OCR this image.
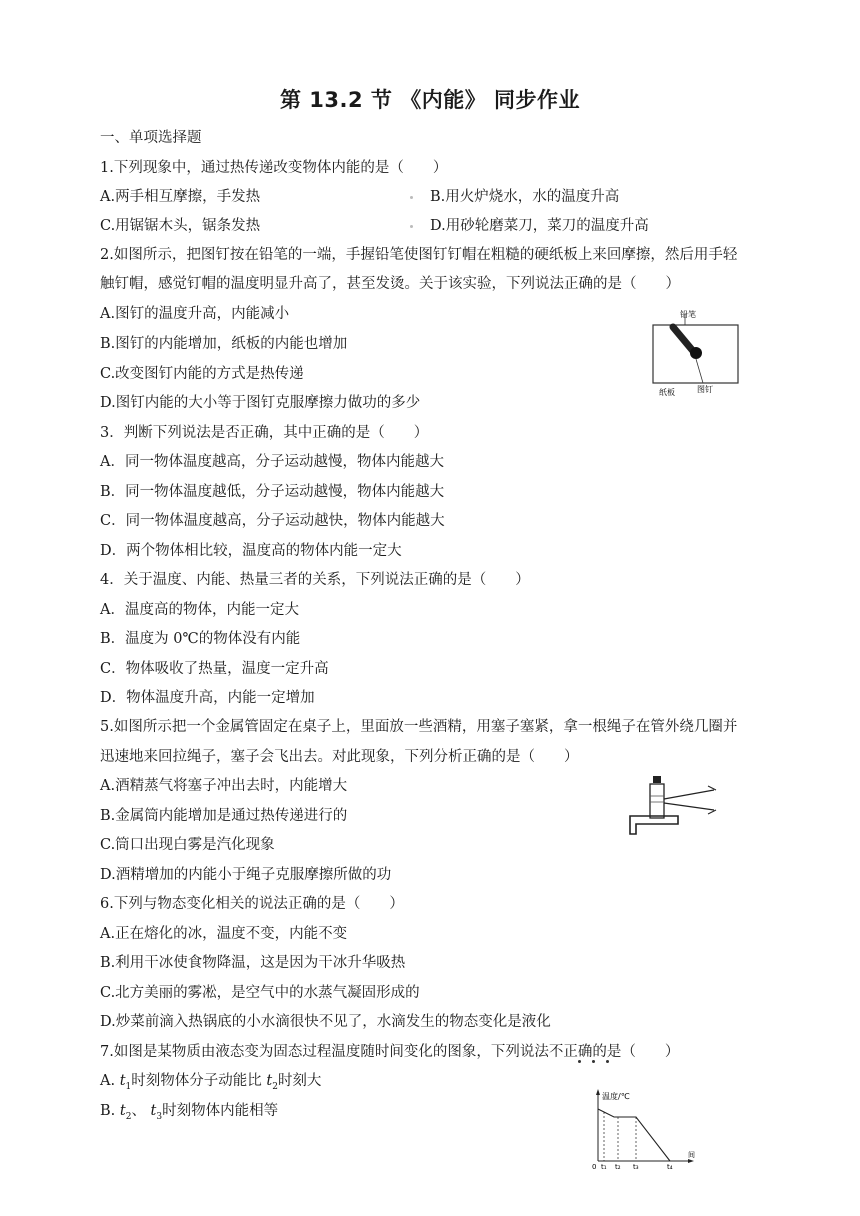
第 13.2 节 《内能》 同步作业
一、单项选择题
1.下列现象中，通过热传递改变物体内能的是（　　）
A.两手相互摩擦，手发热	B.用火炉烧水，水的温度升高
C.用锯锯木头，锯条发热	D.用砂轮磨菜刀，菜刀的温度升高
2.如图所示，把图钉按在铅笔的一端，手握铅笔使图钉钉帽在粗糙的硬纸板上来回摩擦，然后用手轻
触钉帽，感觉钉帽的温度明显升高了，甚至发烫。关于该实验，下列说法正确的是（　　）
A.图钉的温度升高，内能减小
B.图钉的内能增加，纸板的内能也增加
C.改变图钉内能的方式是热传递
D.图钉内能的大小等于图钉克服摩擦力做功的多少
铅笔
纸板	图钉
3．判断下列说法是否正确，其中正确的是（　　）
A．同一物体温度越高，分子运动越慢，物体内能越大
B．同一物体温度越低，分子运动越慢，物体内能越大
C．同一物体温度越高，分子运动越快，物体内能越大
D．两个物体相比较，温度高的物体内能一定大
4．关于温度、内能、热量三者的关系，下列说法正确的是（　　）
A．温度高的物体，内能一定大
B．温度为 0℃的物体没有内能
C．物体吸收了热量，温度一定升高
D．物体温度升高，内能一定增加
5.如图所示把一个金属管固定在桌子上，里面放一些酒精，用塞子塞紧，拿一根绳子在管外绕几圈并
迅速地来回拉绳子，塞子会飞出去。对此现象，下列分析正确的是（　　）
A.酒精蒸气将塞子冲出去时，内能增大
B.金属筒内能增加是通过热传递进行的
C.筒口出现白雾是汽化现象
D.酒精增加的内能小于绳子克服摩擦所做的功
6.下列与物态变化相关的说法正确的是（　　）
A.正在熔化的冰，温度不变，内能不变
B.利用干冰使食物降温，这是因为干冰升华吸热
C.北方美丽的雾凇，是空气中的水蒸气凝固形成的
D.炒菜前滴入热锅底的小水滴很快不见了，水滴发生的物态变化是液化
7.如图是某物质由液态变为固态过程温度随时间变化的图象，下列说法不正确的是（　　）
A. $t_1$时刻物体分子动能比 $t_2$时刻大
B. $t_2$、 $t_3$时刻物体内能相等
温度/℃
间
0 t₁ t₂ t₃	t₄
